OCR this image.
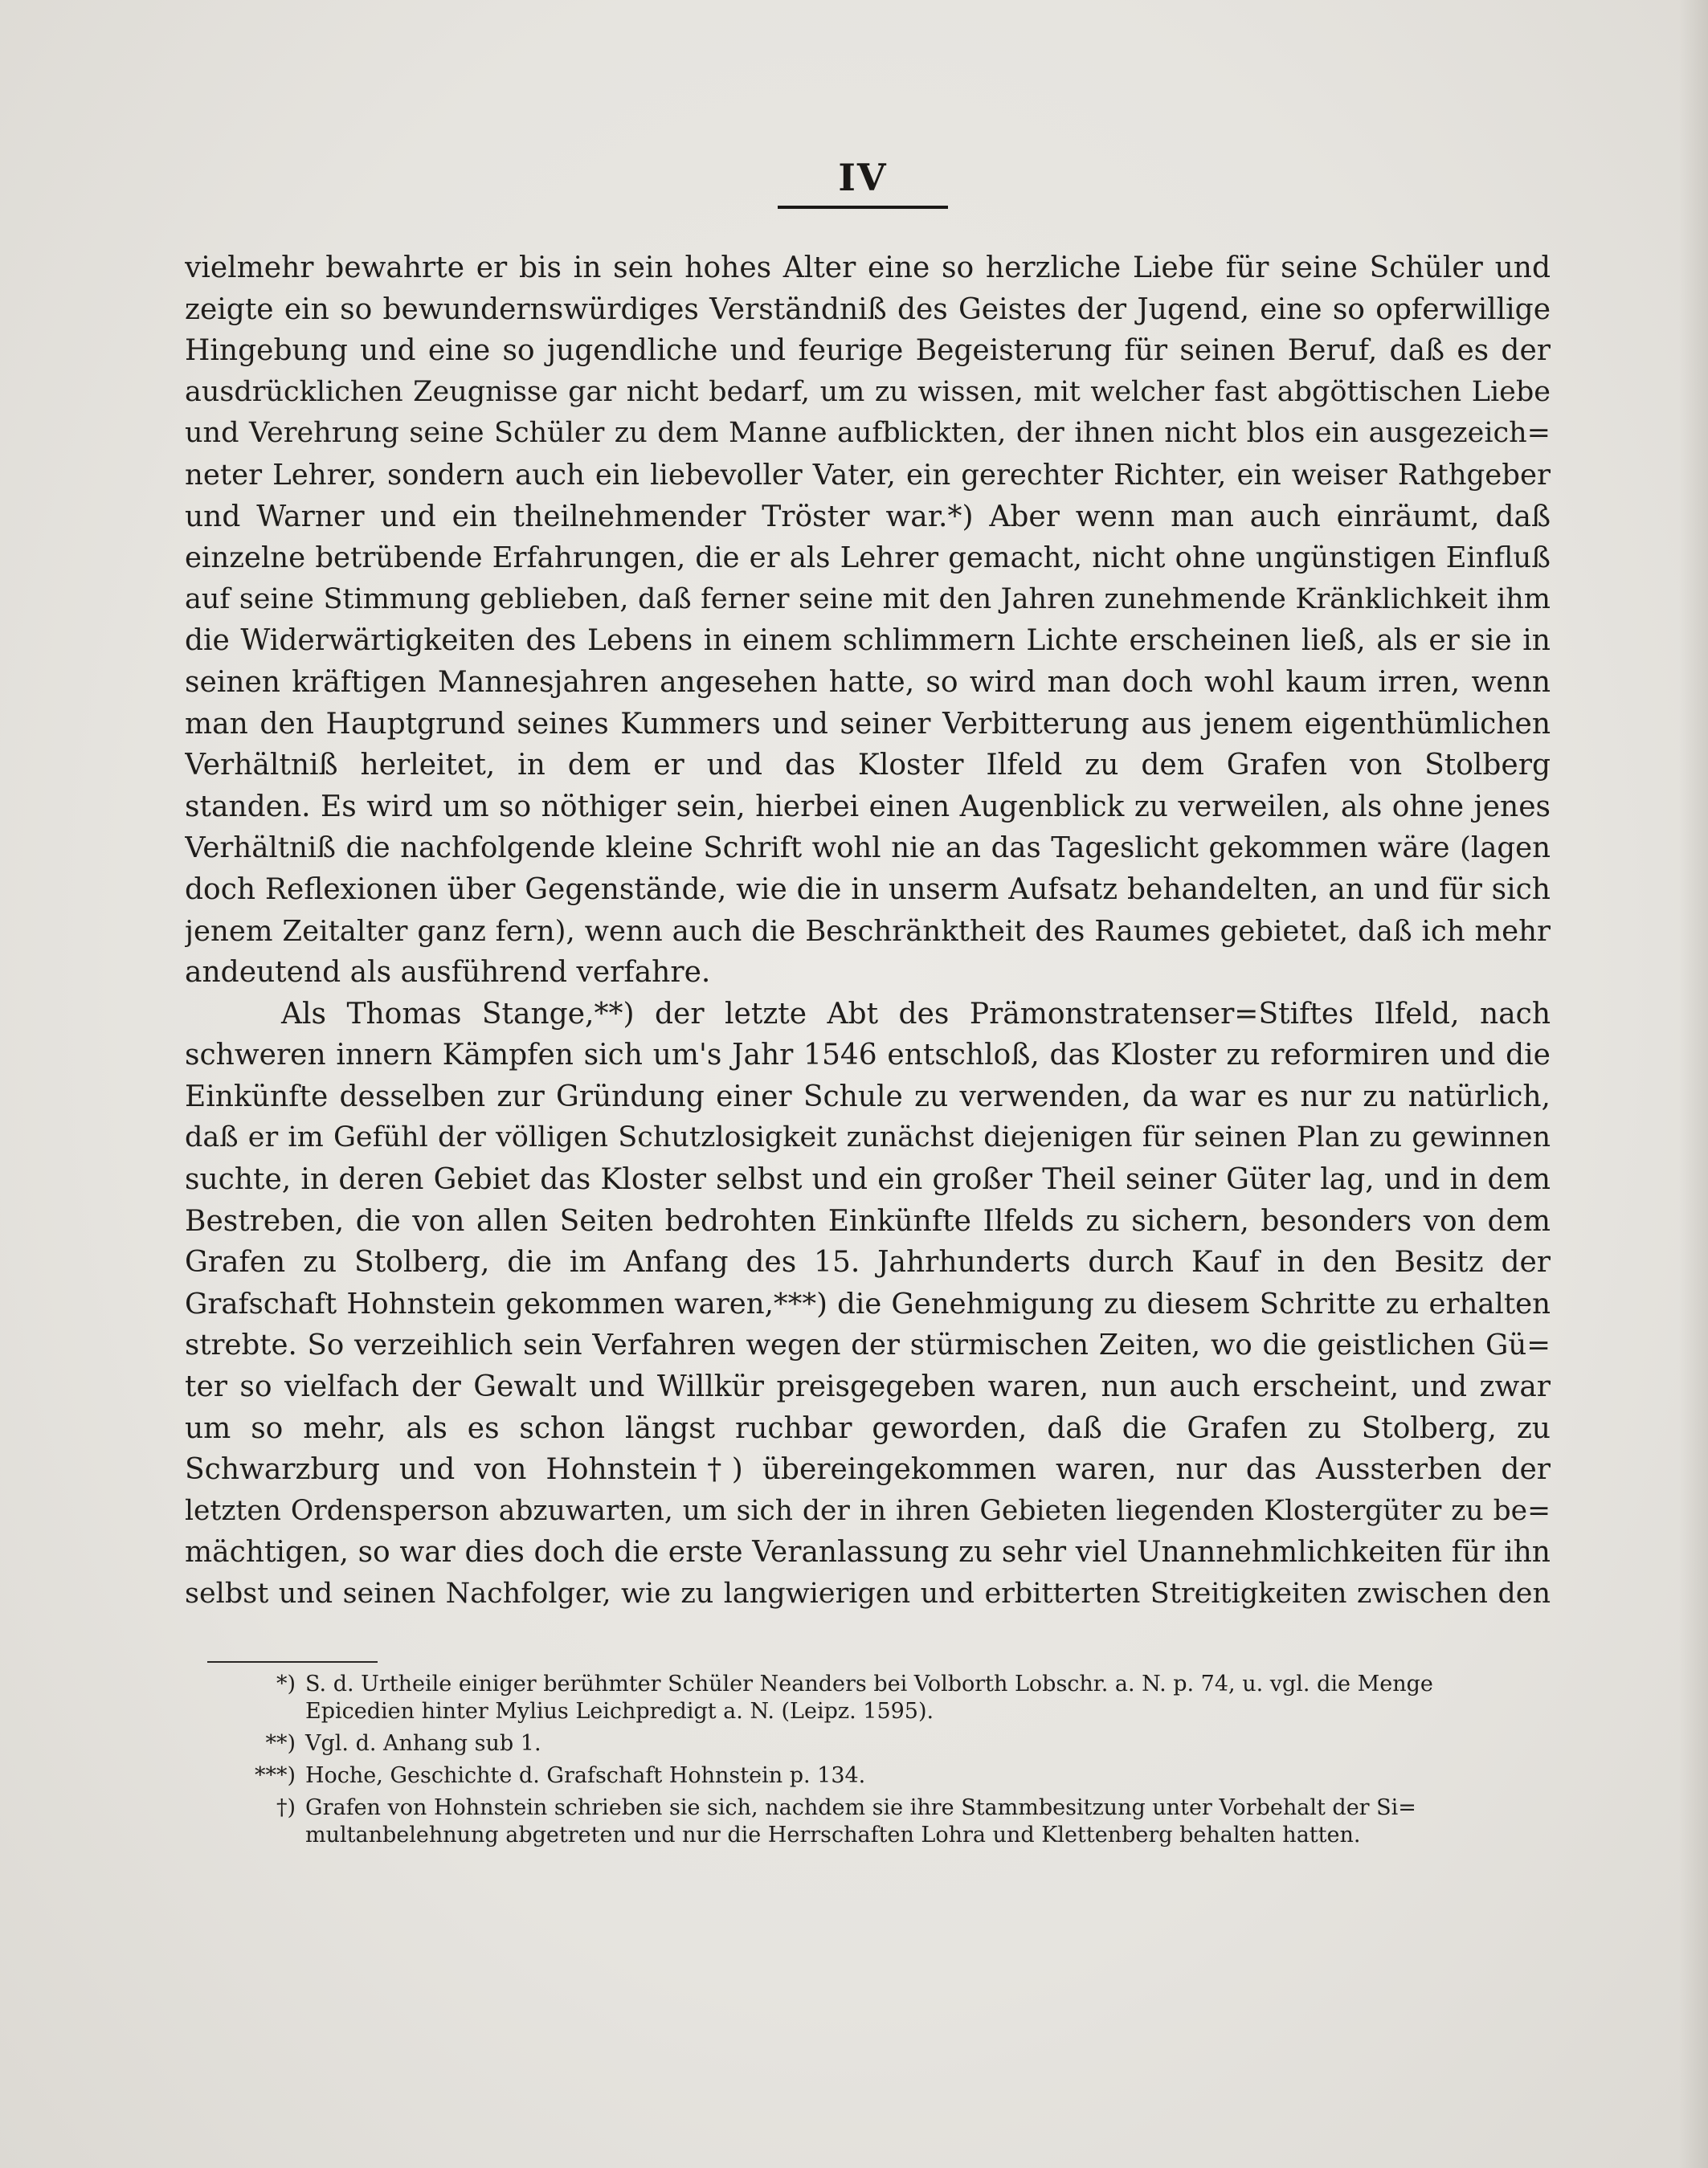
IV
vielmehr bewahrte er bis in sein hohes Alter eine so herzliche Liebe für seine Schüler und
zeigte ein so bewundernswürdiges Verständniß des Geistes der Jugend, eine so opferwillige
Hingebung und eine so jugendliche und feurige Begeisterung für seinen Beruf, daß es der
ausdrücklichen Zeugnisse gar nicht bedarf, um zu wissen, mit welcher fast abgöttischen Liebe
und Verehrung seine Schüler zu dem Manne aufblickten, der ihnen nicht blos ein ausgezeich=
neter Lehrer, sondern auch ein liebevoller Vater, ein gerechter Richter, ein weiser Rathgeber
und Warner und ein theilnehmender Tröster war.*) Aber wenn man auch einräumt, daß
einzelne betrübende Erfahrungen, die er als Lehrer gemacht, nicht ohne ungünstigen Einfluß
auf seine Stimmung geblieben, daß ferner seine mit den Jahren zunehmende Kränklichkeit ihm
die Widerwärtigkeiten des Lebens in einem schlimmern Lichte erscheinen ließ, als er sie in
seinen kräftigen Mannesjahren angesehen hatte, so wird man doch wohl kaum irren, wenn
man den Hauptgrund seines Kummers und seiner Verbitterung aus jenem eigenthümlichen
Verhältniß herleitet, in dem er und das Kloster Ilfeld zu dem Grafen von Stolberg
standen. Es wird um so nöthiger sein, hierbei einen Augenblick zu verweilen, als ohne jenes
Verhältniß die nachfolgende kleine Schrift wohl nie an das Tageslicht gekommen wäre (lagen
doch Reflexionen über Gegenstände, wie die in unserm Aufsatz behandelten, an und für sich
jenem Zeitalter ganz fern), wenn auch die Beschränktheit des Raumes gebietet, daß ich mehr
andeutend als ausführend verfahre.
Als Thomas Stange,**) der letzte Abt des Prämonstratenser=Stiftes Ilfeld, nach
schweren innern Kämpfen sich um's Jahr 1546 entschloß, das Kloster zu reformiren und die
Einkünfte desselben zur Gründung einer Schule zu verwenden, da war es nur zu natürlich,
daß er im Gefühl der völligen Schutzlosigkeit zunächst diejenigen für seinen Plan zu gewinnen
suchte, in deren Gebiet das Kloster selbst und ein großer Theil seiner Güter lag, und in dem
Bestreben, die von allen Seiten bedrohten Einkünfte Ilfelds zu sichern, besonders von dem
Grafen zu Stolberg, die im Anfang des 15. Jahrhunderts durch Kauf in den Besitz der
Grafschaft Hohnstein gekommen waren,***) die Genehmigung zu diesem Schritte zu erhalten
strebte. So verzeihlich sein Verfahren wegen der stürmischen Zeiten, wo die geistlichen Gü=
ter so vielfach der Gewalt und Willkür preisgegeben waren, nun auch erscheint, und zwar
um so mehr, als es schon längst ruchbar geworden, daß die Grafen zu Stolberg, zu
Schwarzburg und von Hohnstein†) übereingekommen waren, nur das Aussterben der
letzten Ordensperson abzuwarten, um sich der in ihren Gebieten liegenden Klostergüter zu be=
mächtigen, so war dies doch die erste Veranlassung zu sehr viel Unannehmlichkeiten für ihn
selbst und seinen Nachfolger, wie zu langwierigen und erbitterten Streitigkeiten zwischen den
*) S. d. Urtheile einiger berühmter Schüler Neanders bei Volborth Lobschr. a. N. p. 74, u. vgl. die Menge
Epicedien hinter Mylius Leichpredigt a. N. (Leipz. 1595).
**) Vgl. d. Anhang sub 1.
***) Hoche, Geschichte d. Grafschaft Hohnstein p. 134.
†) Grafen von Hohnstein schrieben sie sich, nachdem sie ihre Stammbesitzung unter Vorbehalt der Si=
multanbelehnung abgetreten und nur die Herrschaften Lohra und Klettenberg behalten hatten.
